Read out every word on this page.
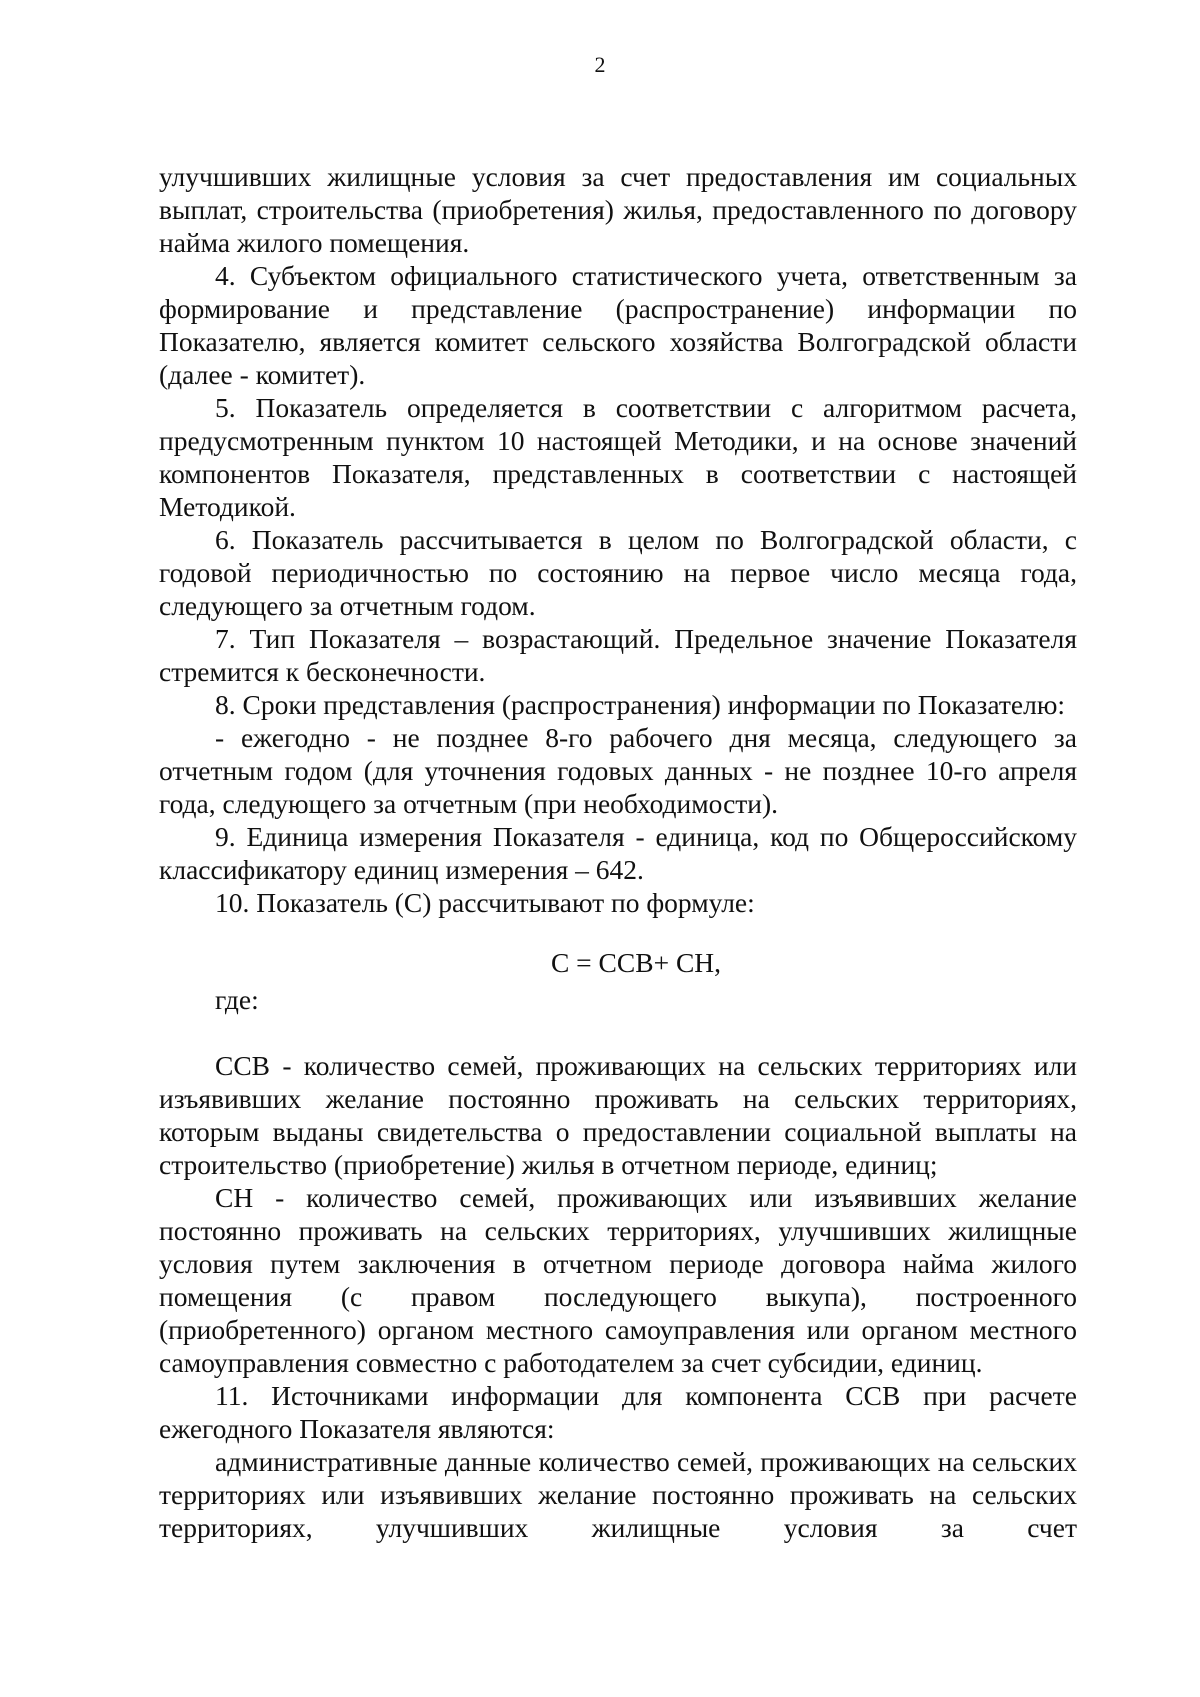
2

улучшивших жилищные условия за счет предоставления им социальных выплат, строительства (приобретения) жилья, предоставленного по договору найма жилого помещения.

4. Субъектом официального статистического учета, ответственным за формирование и представление (распространение) информации по Показателю, является комитет сельского хозяйства Волгоградской области (далее - комитет).

5. Показатель определяется в соответствии с алгоритмом расчета, предусмотренным пунктом 10 настоящей Методики, и на основе значений компонентов Показателя, представленных в соответствии с настоящей Методикой.

6. Показатель рассчитывается в целом по Волгоградской области, с годовой периодичностью по состоянию на первое число месяца года, следующего за отчетным годом.

7. Тип Показателя – возрастающий. Предельное значение Показателя стремится к бесконечности.

8. Сроки представления (распространения) информации по Показателю:

- ежегодно - не позднее 8-го рабочего дня месяца, следующего за отчетным годом (для уточнения годовых данных - не позднее 10-го апреля года, следующего за отчетным (при необходимости).

9. Единица измерения Показателя - единица, код по Общероссийскому классификатору единиц измерения – 642.

10. Показатель (С) рассчитывают по формуле:

С = ССВ+ СН,

где:

ССВ - количество семей, проживающих на сельских территориях или изъявивших желание постоянно проживать на сельских территориях, которым выданы свидетельства о предоставлении социальной выплаты на строительство (приобретение) жилья в отчетном периоде, единиц;

СН - количество семей, проживающих или изъявивших желание постоянно проживать на сельских территориях, улучшивших жилищные условия путем заключения в отчетном периоде договора найма жилого помещения (с правом последующего выкупа), построенного (приобретенного) органом местного самоуправления или органом местного самоуправления совместно с работодателем за счет субсидии, единиц.

11. Источниками информации для компонента ССВ при расчете ежегодного Показателя являются:

административные данные количество семей, проживающих на сельских территориях или изъявивших желание постоянно проживать на сельских территориях, улучшивших жилищные условия за счет
